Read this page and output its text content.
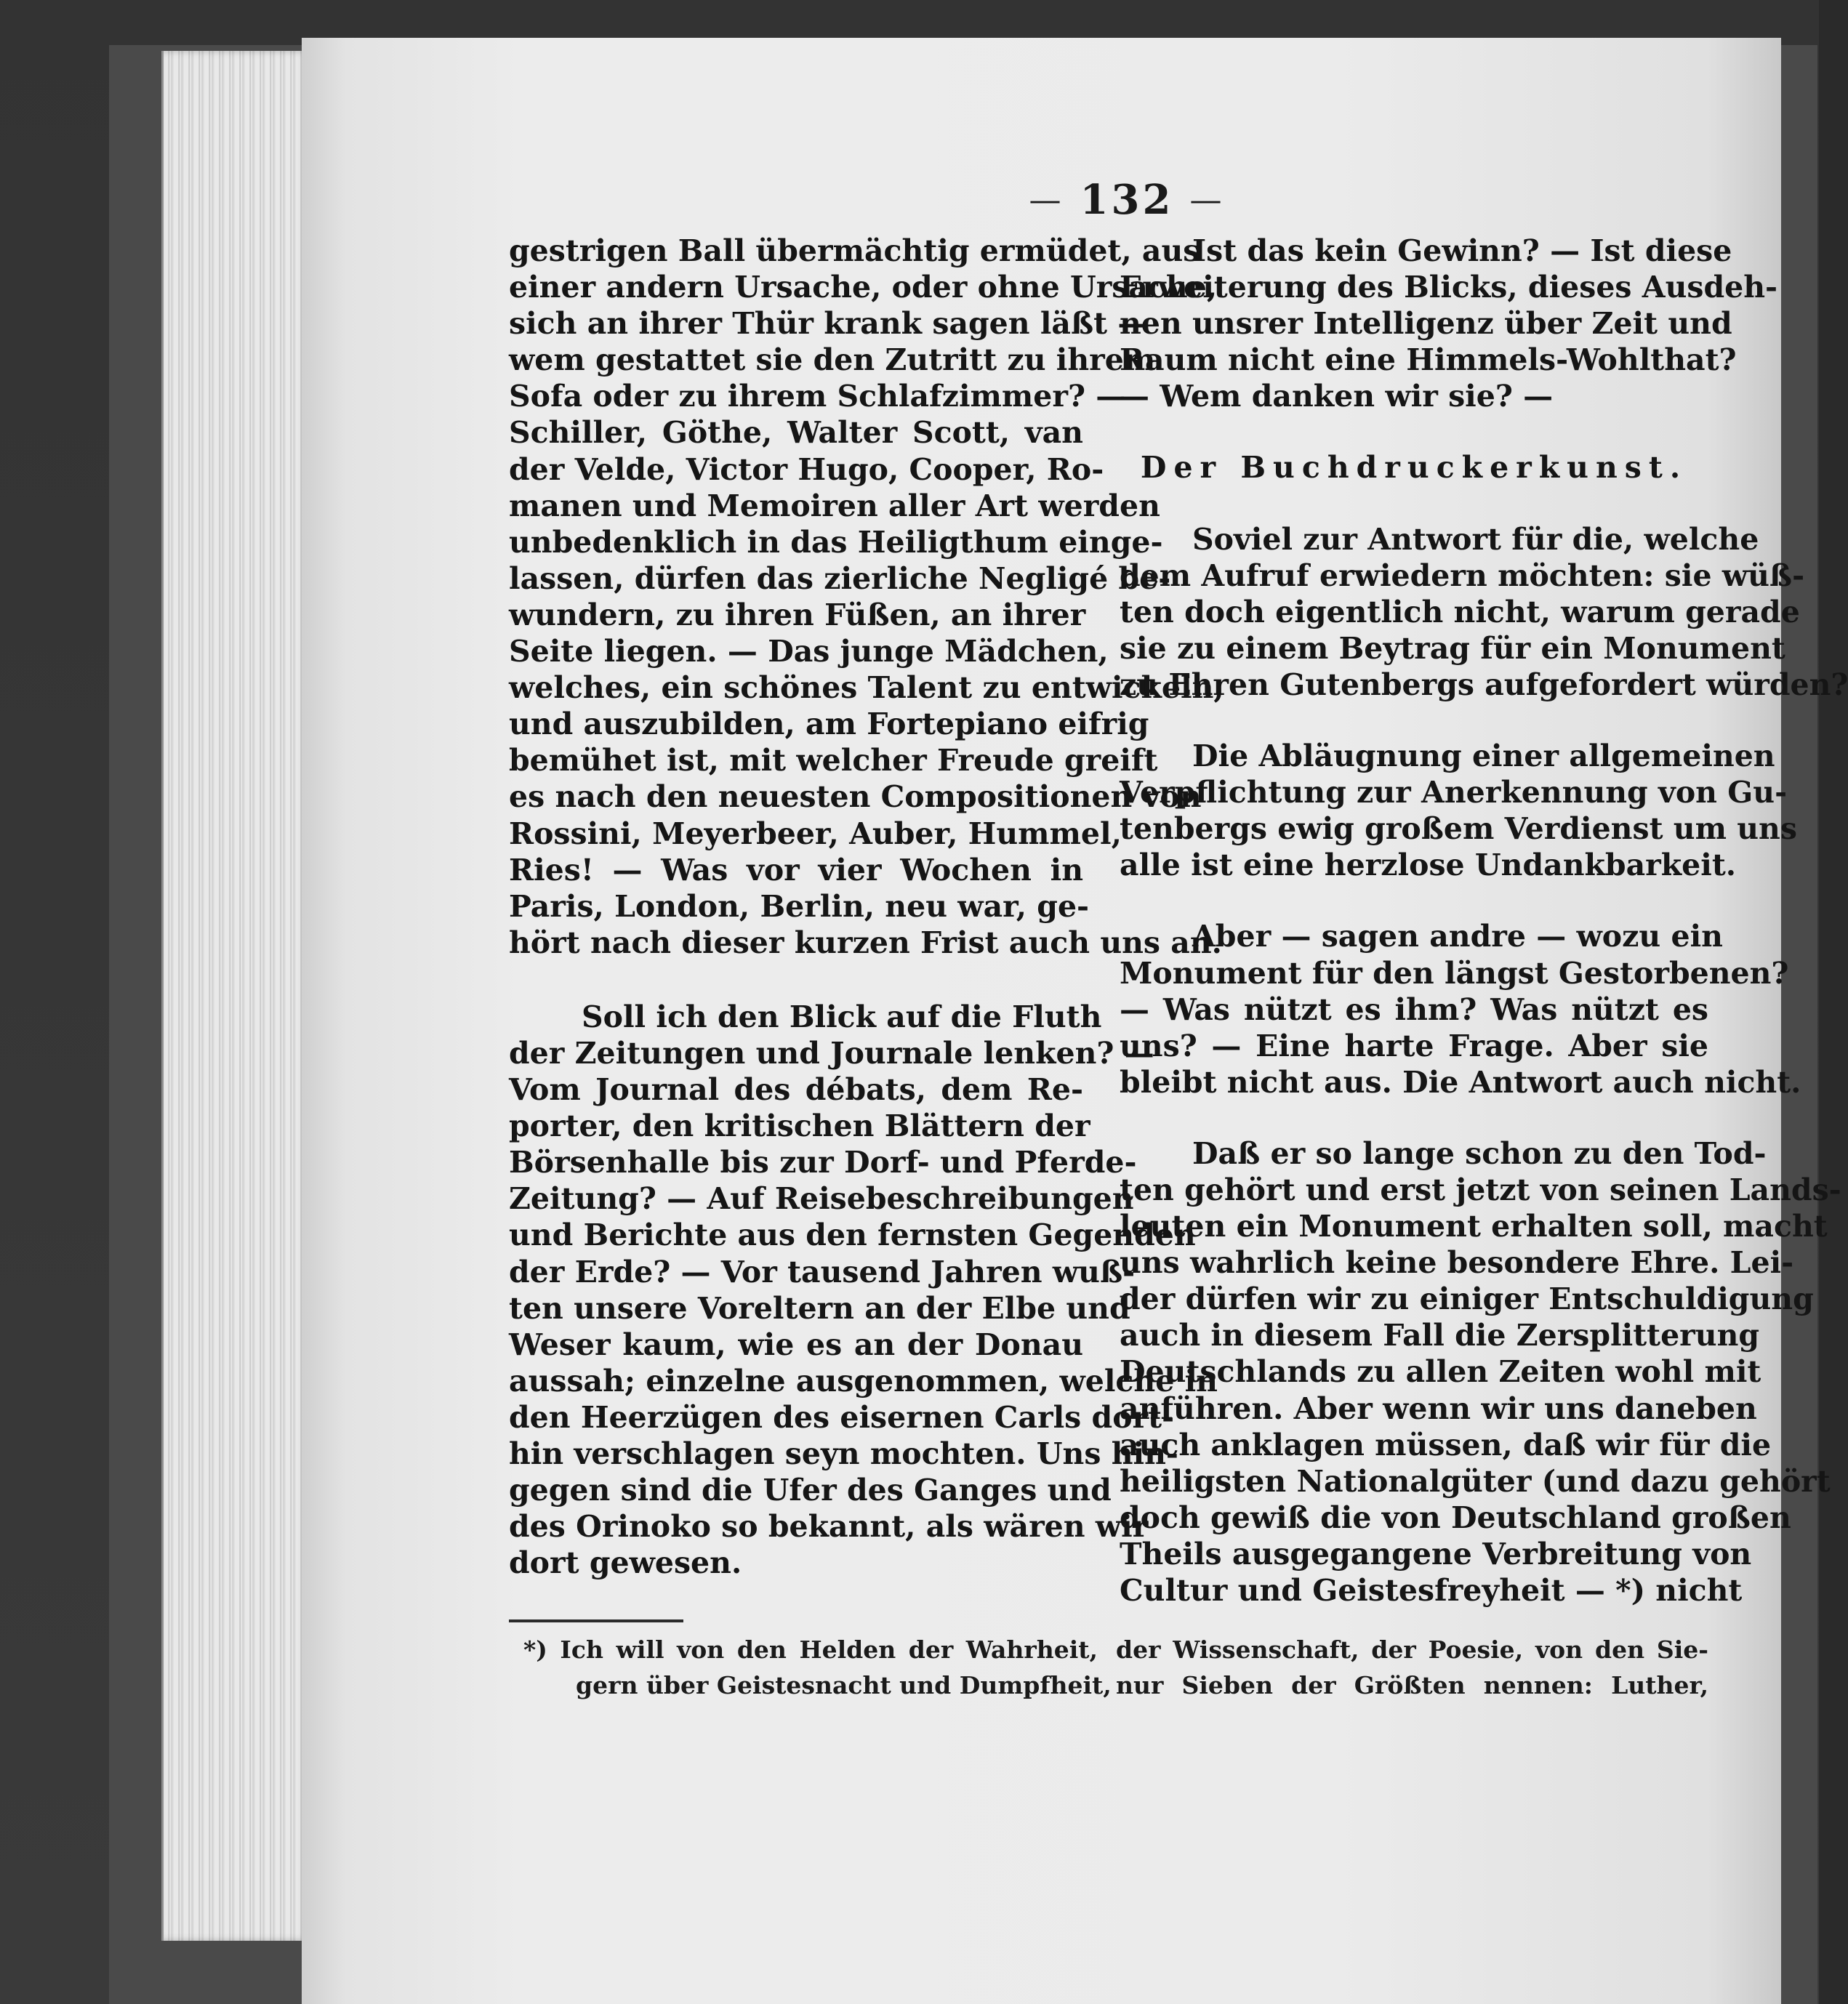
— 132 —
gestrigen Ball übermächtig ermüdet, aus
einer andern Ursache, oder ohne Ursache,
sich an ihrer Thür krank sagen läßt —
wem gestattet sie den Zutritt zu ihrem
Sofa oder zu ihrem Schlafzimmer? —
Schiller, Göthe, Walter Scott, van
der Velde, Victor Hugo, Cooper, Ro-
manen und Memoiren aller Art werden
unbedenklich in das Heiligthum einge-
lassen, dürfen das zierliche Negligé be-
wundern, zu ihren Füßen, an ihrer
Seite liegen. — Das junge Mädchen,
welches, ein schönes Talent zu entwickeln,
und auszubilden, am Fortepiano eifrig
bemühet ist, mit welcher Freude greift
es nach den neuesten Compositionen von
Rossini, Meyerbeer, Auber, Hummel,
Ries! — Was vor vier Wochen in
Paris, London, Berlin, neu war, ge-
hört nach dieser kurzen Frist auch uns an.
Soll ich den Blick auf die Fluth
der Zeitungen und Journale lenken? —
Vom Journal des débats, dem Re-
porter, den kritischen Blättern der
Börsenhalle bis zur Dorf- und Pferde-
Zeitung? — Auf Reisebeschreibungen
und Berichte aus den fernsten Gegenden
der Erde? — Vor tausend Jahren wuß-
ten unsere Voreltern an der Elbe und
Weser kaum, wie es an der Donau
aussah; einzelne ausgenommen, welche in
den Heerzügen des eisernen Carls dort-
hin verschlagen seyn mochten. Uns hin-
gegen sind die Ufer des Ganges und
des Orinoko so bekannt, als wären wir
dort gewesen.
Ist das kein Gewinn? — Ist diese
Erweiterung des Blicks, dieses Ausdeh-
nen unsrer Intelligenz über Zeit und
Raum nicht eine Himmels-Wohlthat?
— Wem danken wir sie? —
Der Buchdruckerkunst.
Soviel zur Antwort für die, welche
dem Aufruf erwiedern möchten: sie wüß-
ten doch eigentlich nicht, warum gerade
sie zu einem Beytrag für ein Monument
zu Ehren Gutenbergs aufgefordert würden?
Die Abläugnung einer allgemeinen
Verpflichtung zur Anerkennung von Gu-
tenbergs ewig großem Verdienst um uns
alle ist eine herzlose Undankbarkeit.
Aber — sagen andre — wozu ein
Monument für den längst Gestorbenen?
— Was nützt es ihm? Was nützt es
uns? — Eine harte Frage. Aber sie
bleibt nicht aus. Die Antwort auch nicht.
Daß er so lange schon zu den Tod-
ten gehört und erst jetzt von seinen Lands-
leuten ein Monument erhalten soll, macht
uns wahrlich keine besondere Ehre. Lei-
der dürfen wir zu einiger Entschuldigung
auch in diesem Fall die Zersplitterung
Deutschlands zu allen Zeiten wohl mit
anführen. Aber wenn wir uns daneben
auch anklagen müssen, daß wir für die
heiligsten Nationalgüter (und dazu gehört
doch gewiß die von Deutschland großen
Theils ausgegangene Verbreitung von
Cultur und Geistesfreyheit — *) nicht
*) Ich will von den Helden der Wahrheit,
gern über Geistesnacht und Dumpfheit,
der Wissenschaft, der Poesie, von den Sie-
nur Sieben der Größten nennen: Luther,
